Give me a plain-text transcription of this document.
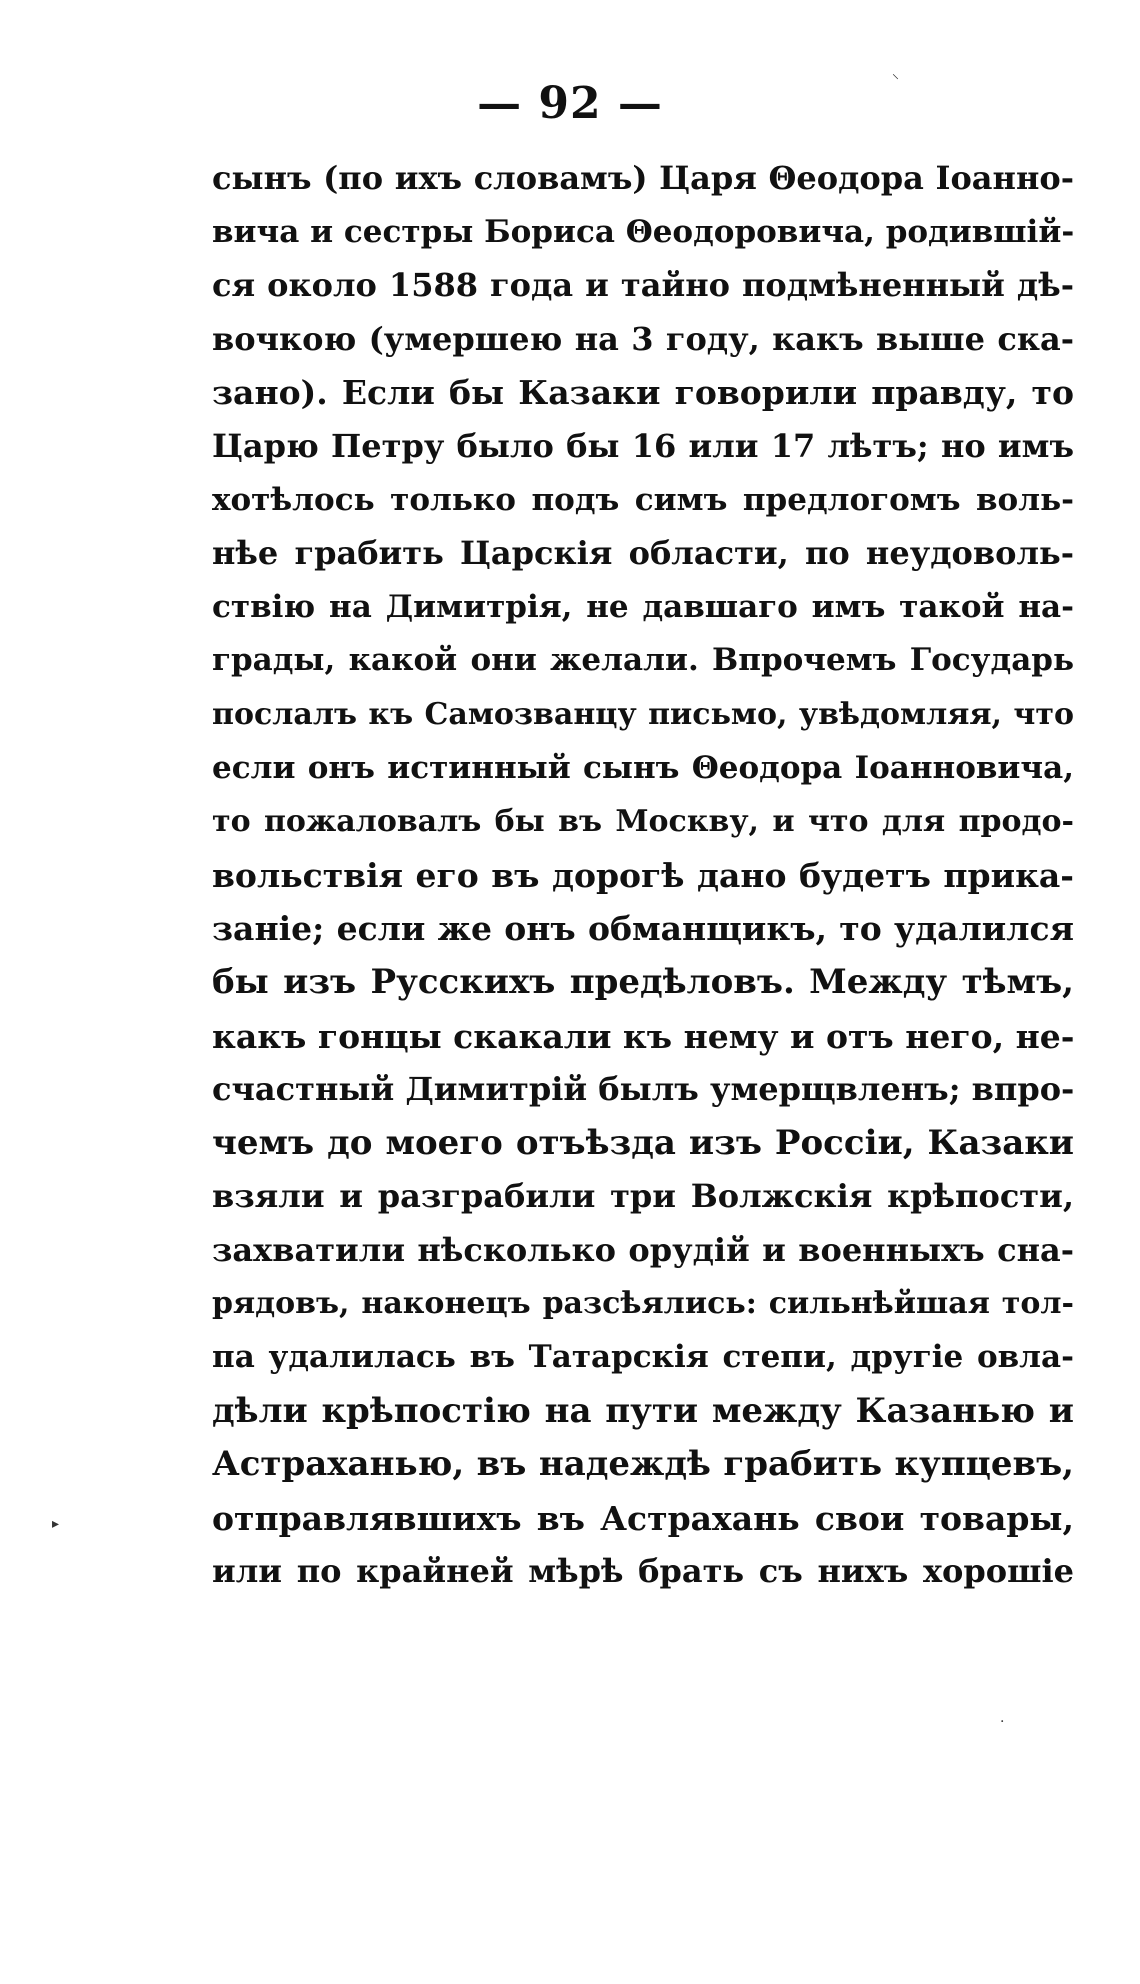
— 92 —
сынъ (по ихъ словамъ) Царя Θеодора Іоанно-
вича и сестры Бориса Θеодоровича, родившій-
ся около 1588 года и тайно подмѣненный дѣ-
вочкою (умершею на 3 году, какъ выше ска-
зано). Если бы Казаки говорили правду, то
Царю Петру было бы 16 или 17 лѣтъ; но имъ
хотѣлось только подъ симъ предлогомъ воль-
нѣе грабить Царскія области, по неудоволь-
ствію на Димитрія, не давшаго имъ такой на-
грады, какой они желали. Впрочемъ Государь
послалъ къ Самозванцу письмо, увѣдомляя, что
если онъ истинный сынъ Θеодора Іоанновича,
то пожаловалъ бы въ Москву, и что для продо-
вольствія его въ дорогѣ дано будетъ прика-
заніе; если же онъ обманщикъ, то удалился
бы изъ Русскихъ предѣловъ. Между тѣмъ,
какъ гонцы скакали къ нему и отъ него, не-
счастный Димитрій былъ умерщвленъ; впро-
чемъ до моего отъѣзда изъ Россіи, Казаки
взяли и разграбили три Волжскія крѣпости,
захватили нѣсколько орудій и военныхъ сна-
рядовъ, наконецъ разсѣялись: сильнѣйшая тол-
па удалилась въ Татарскія степи, другіе овла-
дѣли крѣпостію на пути между Казанью и
Астраханью, въ надеждѣ грабить купцевъ,
отправлявшихъ въ Астрахань свои товары,
или по крайней мѣрѣ брать съ нихъ хорошіе
⸌
▸
·
